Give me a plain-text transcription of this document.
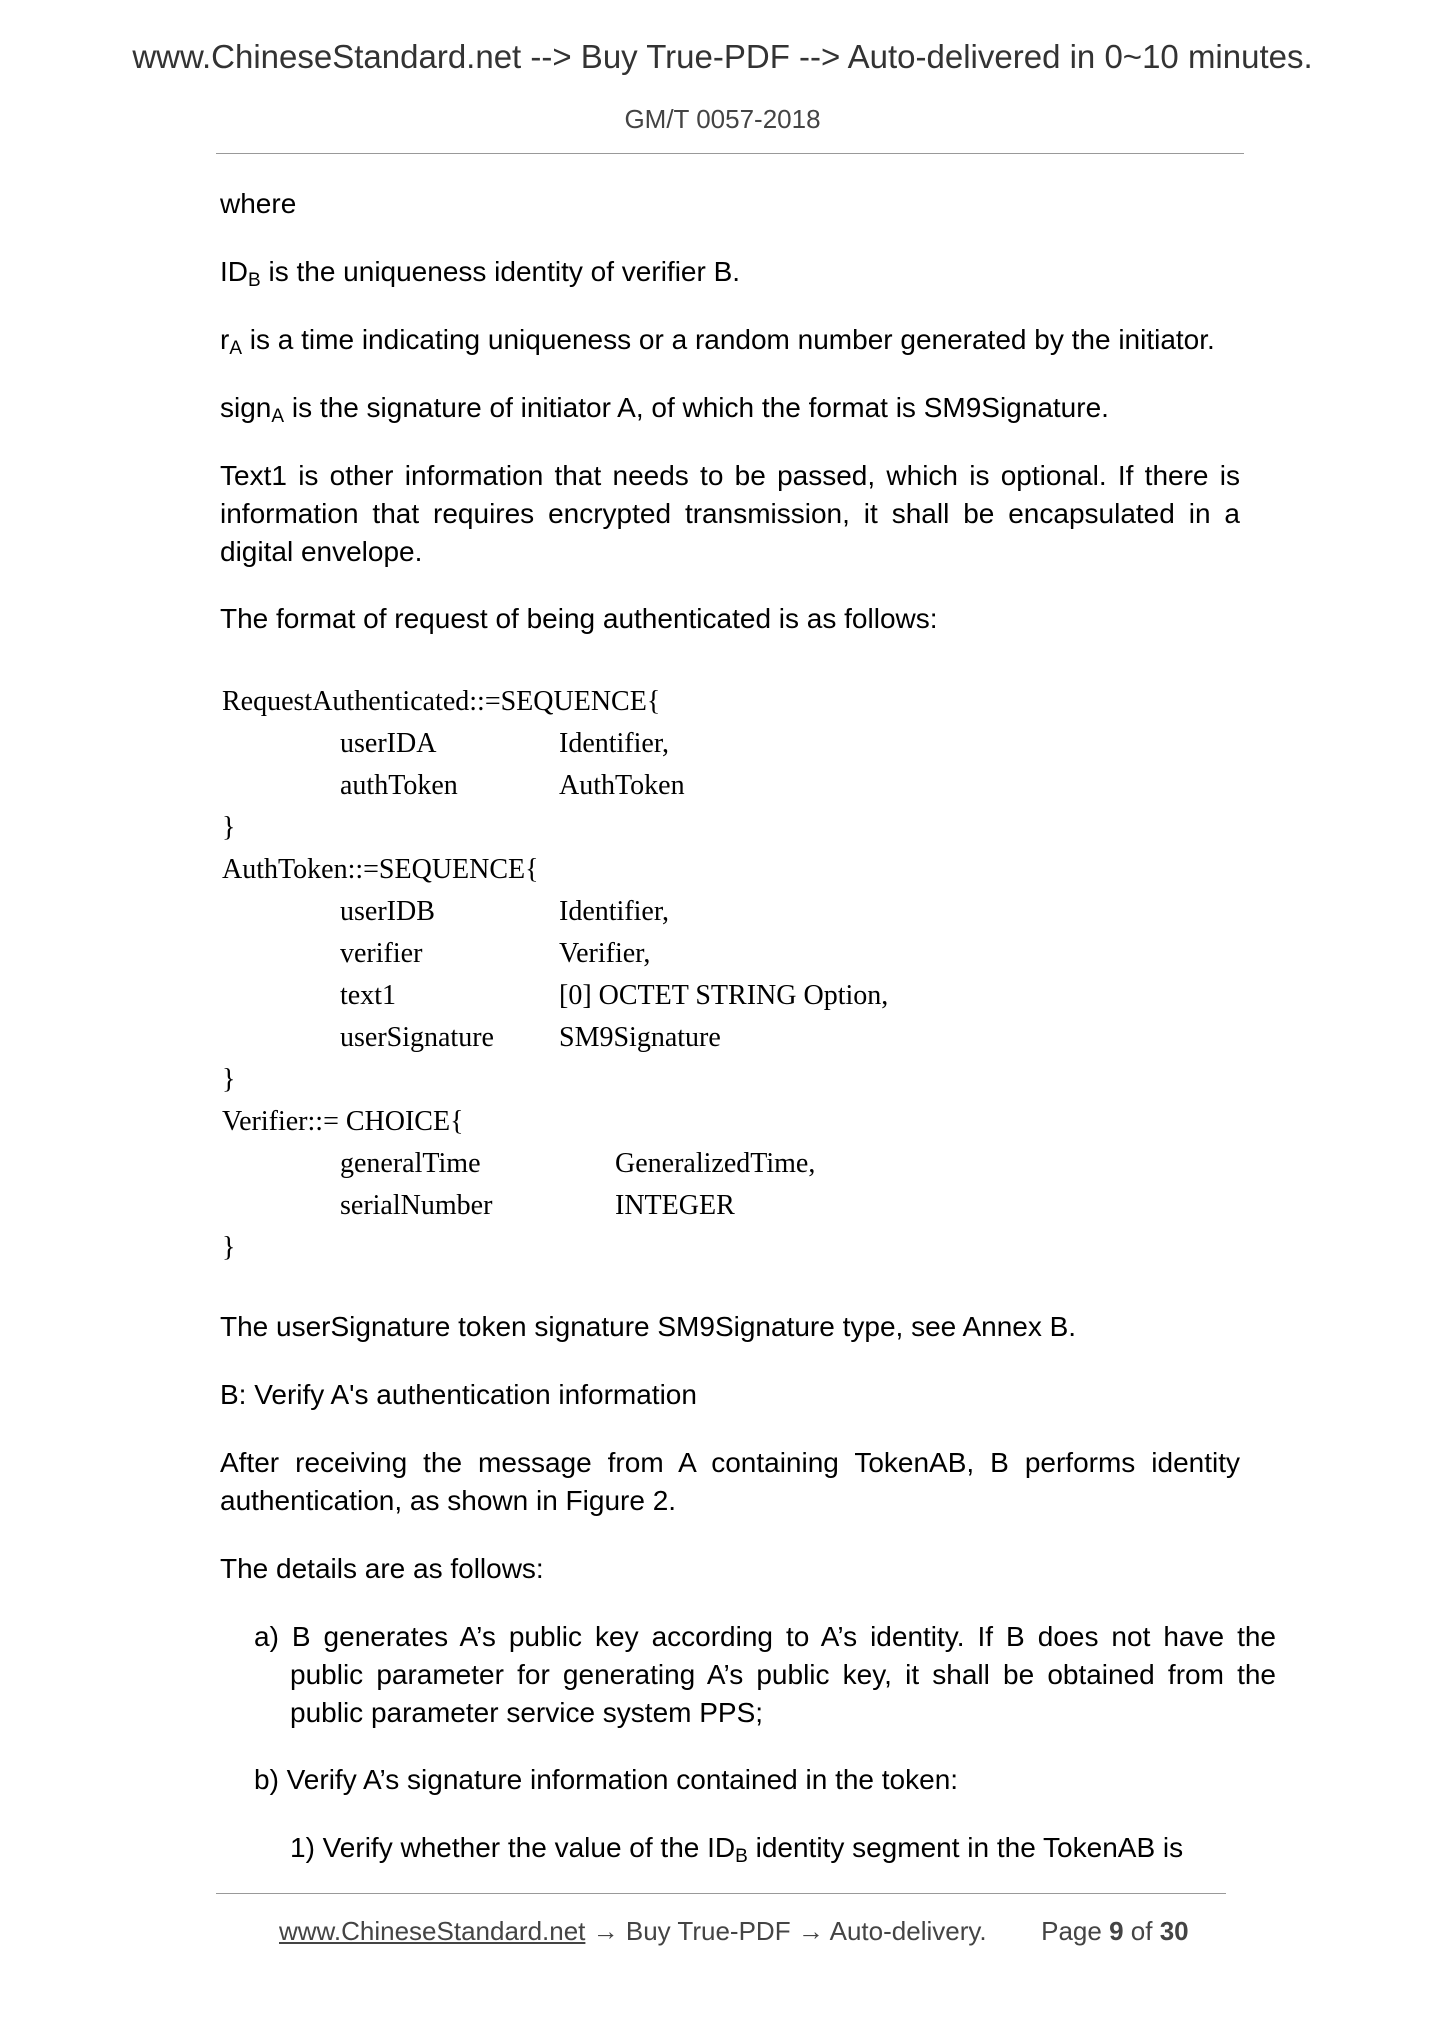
www.ChineseStandard.net --> Buy True-PDF --> Auto-delivered in 0~10 minutes.
GM/T 0057-2018

where

$ID_B$ is the uniqueness identity of verifier B.

$r_A$ is a time indicating uniqueness or a random number generated by the initiator.

sign$_A$ is the signature of initiator A, of which the format is SM9Signature.

Text1 is other information that needs to be passed, which is optional. If there is information that requires encrypted transmission, it shall be encapsulated in a digital envelope.

The format of request of being authenticated is as follows:

RequestAuthenticated::=SEQUENCE{
userIDA	Identifier,
authToken	AuthToken
}
AuthToken::=SEQUENCE{
userIDB	Identifier,
verifier	Verifier,
text1	[0] OCTET STRING Option,
userSignature SM9Signature
}
Verifier::= CHOICE{
generalTime	GeneralizedTime,
serialNumber	INTEGER
}

The userSignature token signature SM9Signature type, see Annex B.

B: Verify A's authentication information

After receiving the message from A containing TokenAB, B performs identity authentication, as shown in Figure 2.

The details are as follows:

a) B generates A’s public key according to A’s identity. If B does not have the public parameter for generating A’s public key, it shall be obtained from the public parameter service system PPS;

b) Verify A’s signature information contained in the token:

1) Verify whether the value of the $ID_B$ identity segment in the TokenAB is

www.ChineseStandard.net → Buy True-PDF → Auto-delivery. Page 9 of 30
